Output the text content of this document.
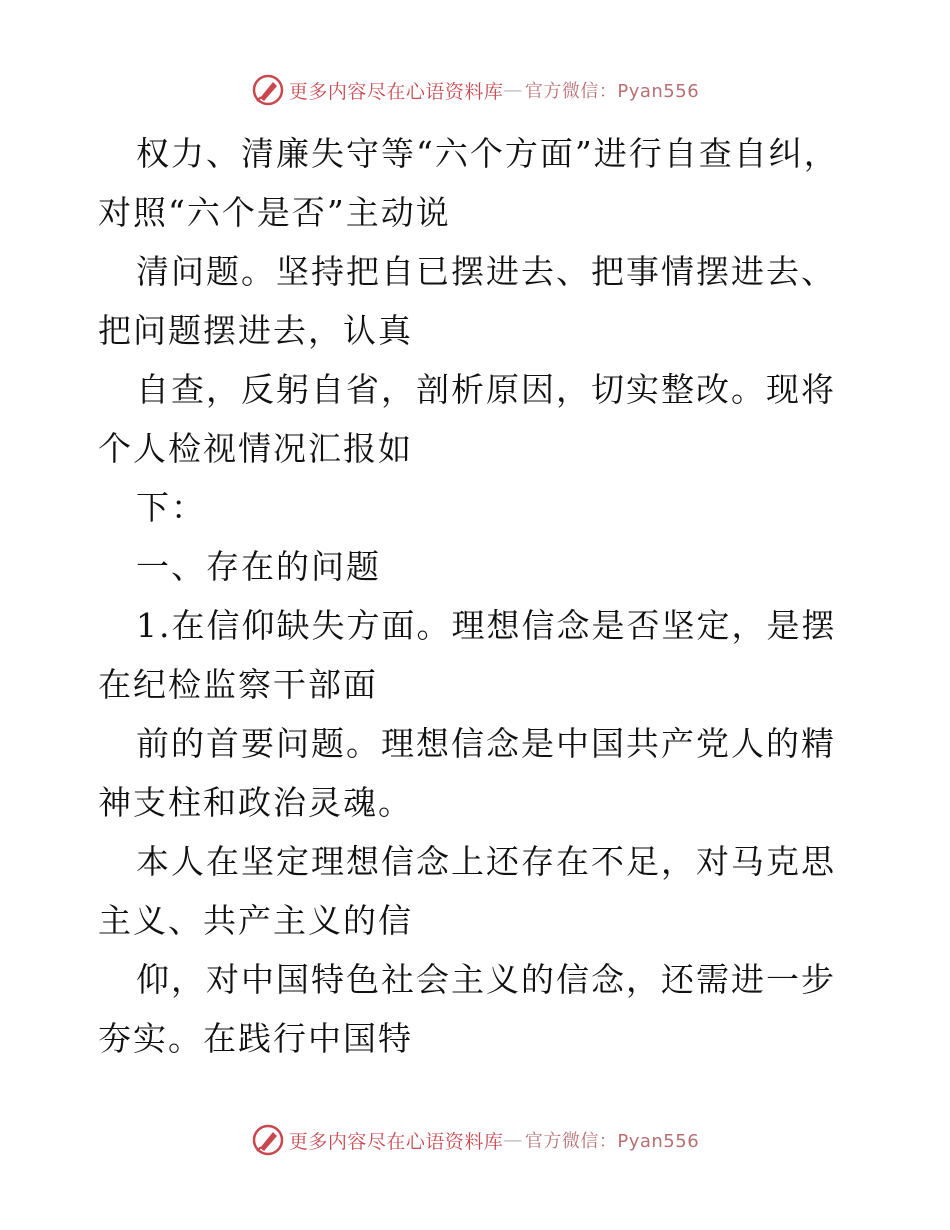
更多内容尽在心语资料库 — 官方微信：Pyan556

权力、清廉失守等“六个方面”进行自查自纠，对照“六个是否”主动说

清问题。坚持把自已摆进去、把事情摆进去、把问题摆进去，认真

自查，反躬自省，剖析原因，切实整改。现将个人检视情况汇报如

下：

一、存在的问题

1.在信仰缺失方面。理想信念是否坚定，是摆在纪检监察干部面

前的首要问题。理想信念是中国共产党人的精神支柱和政治灵魂。

本人在坚定理想信念上还存在不足，对马克思主义、共产主义的信

仰，对中国特色社会主义的信念，还需进一步夯实。在践行中国特

更多内容尽在心语资料库 — 官方微信：Pyan556
